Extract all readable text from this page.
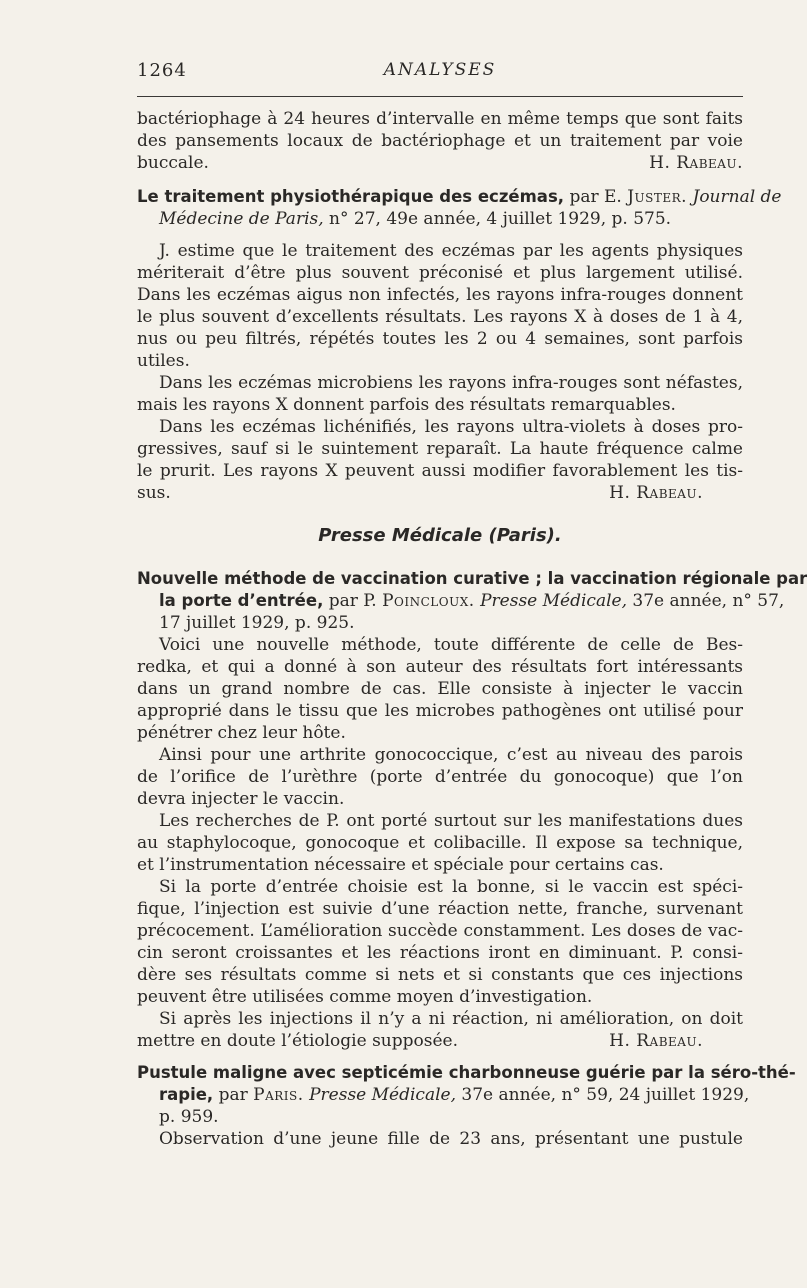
1264	ANALYSES
bactériophage à 24 heures d’intervalle en même temps que sont faits
des pansements locaux de bactériophage et un traitement par voie
buccale.	H. Rabeau.
Le traitement physiothérapique des eczémas, par E. Juster. Journal de
Médecine de Paris, n° 27, 49e année, 4 juillet 1929, p. 575.
J. estime que le traitement des eczémas par les agents physiques
mériterait d’être plus souvent préconisé et plus largement utilisé.
Dans les eczémas aigus non infectés, les rayons infra-rouges donnent
le plus souvent d’excellents résultats. Les rayons X à doses de 1 à 4,
nus ou peu filtrés, répétés toutes les 2 ou 4 semaines, sont parfois
utiles.
Dans les eczémas microbiens les rayons infra-rouges sont néfastes,
mais les rayons X donnent parfois des résultats remarquables.
Dans les eczémas lichénifiés, les rayons ultra-violets à doses pro-
gressives, sauf si le suintement reparaît. La haute fréquence calme
le prurit. Les rayons X peuvent aussi modifier favorablement les tis-
sus.	H. Rabeau.
Presse Médicale (Paris).
Nouvelle méthode de vaccination curative ; la vaccination régionale par
la porte d’entrée, par P. Poincloux. Presse Médicale, 37e année, n° 57,
17 juillet 1929, p. 925.
Voici une nouvelle méthode, toute différente de celle de Bes-
redka, et qui a donné à son auteur des résultats fort intéressants
dans un grand nombre de cas. Elle consiste à injecter le vaccin
approprié dans le tissu que les microbes pathogènes ont utilisé pour
pénétrer chez leur hôte.
Ainsi pour une arthrite gonococcique, c’est au niveau des parois
de l’orifice de l’urèthre (porte d’entrée du gonocoque) que l’on
devra injecter le vaccin.
Les recherches de P. ont porté surtout sur les manifestations dues
au staphylocoque, gonocoque et colibacille. Il expose sa technique,
et l’instrumentation nécessaire et spéciale pour certains cas.
Si la porte d’entrée choisie est la bonne, si le vaccin est spéci-
fique, l’injection est suivie d’une réaction nette, franche, survenant
précocement. L’amélioration succède constamment. Les doses de vac-
cin seront croissantes et les réactions iront en diminuant. P. consi-
dère ses résultats comme si nets et si constants que ces injections
peuvent être utilisées comme moyen d’investigation.
Si après les injections il n’y a ni réaction, ni amélioration, on doit
mettre en doute l’étiologie supposée.	H. Rabeau.
Pustule maligne avec septicémie charbonneuse guérie par la séro-thé-
rapie, par Paris. Presse Médicale, 37e année, n° 59, 24 juillet 1929,
p. 959.
Observation d’une jeune fille de 23 ans, présentant une pustule
